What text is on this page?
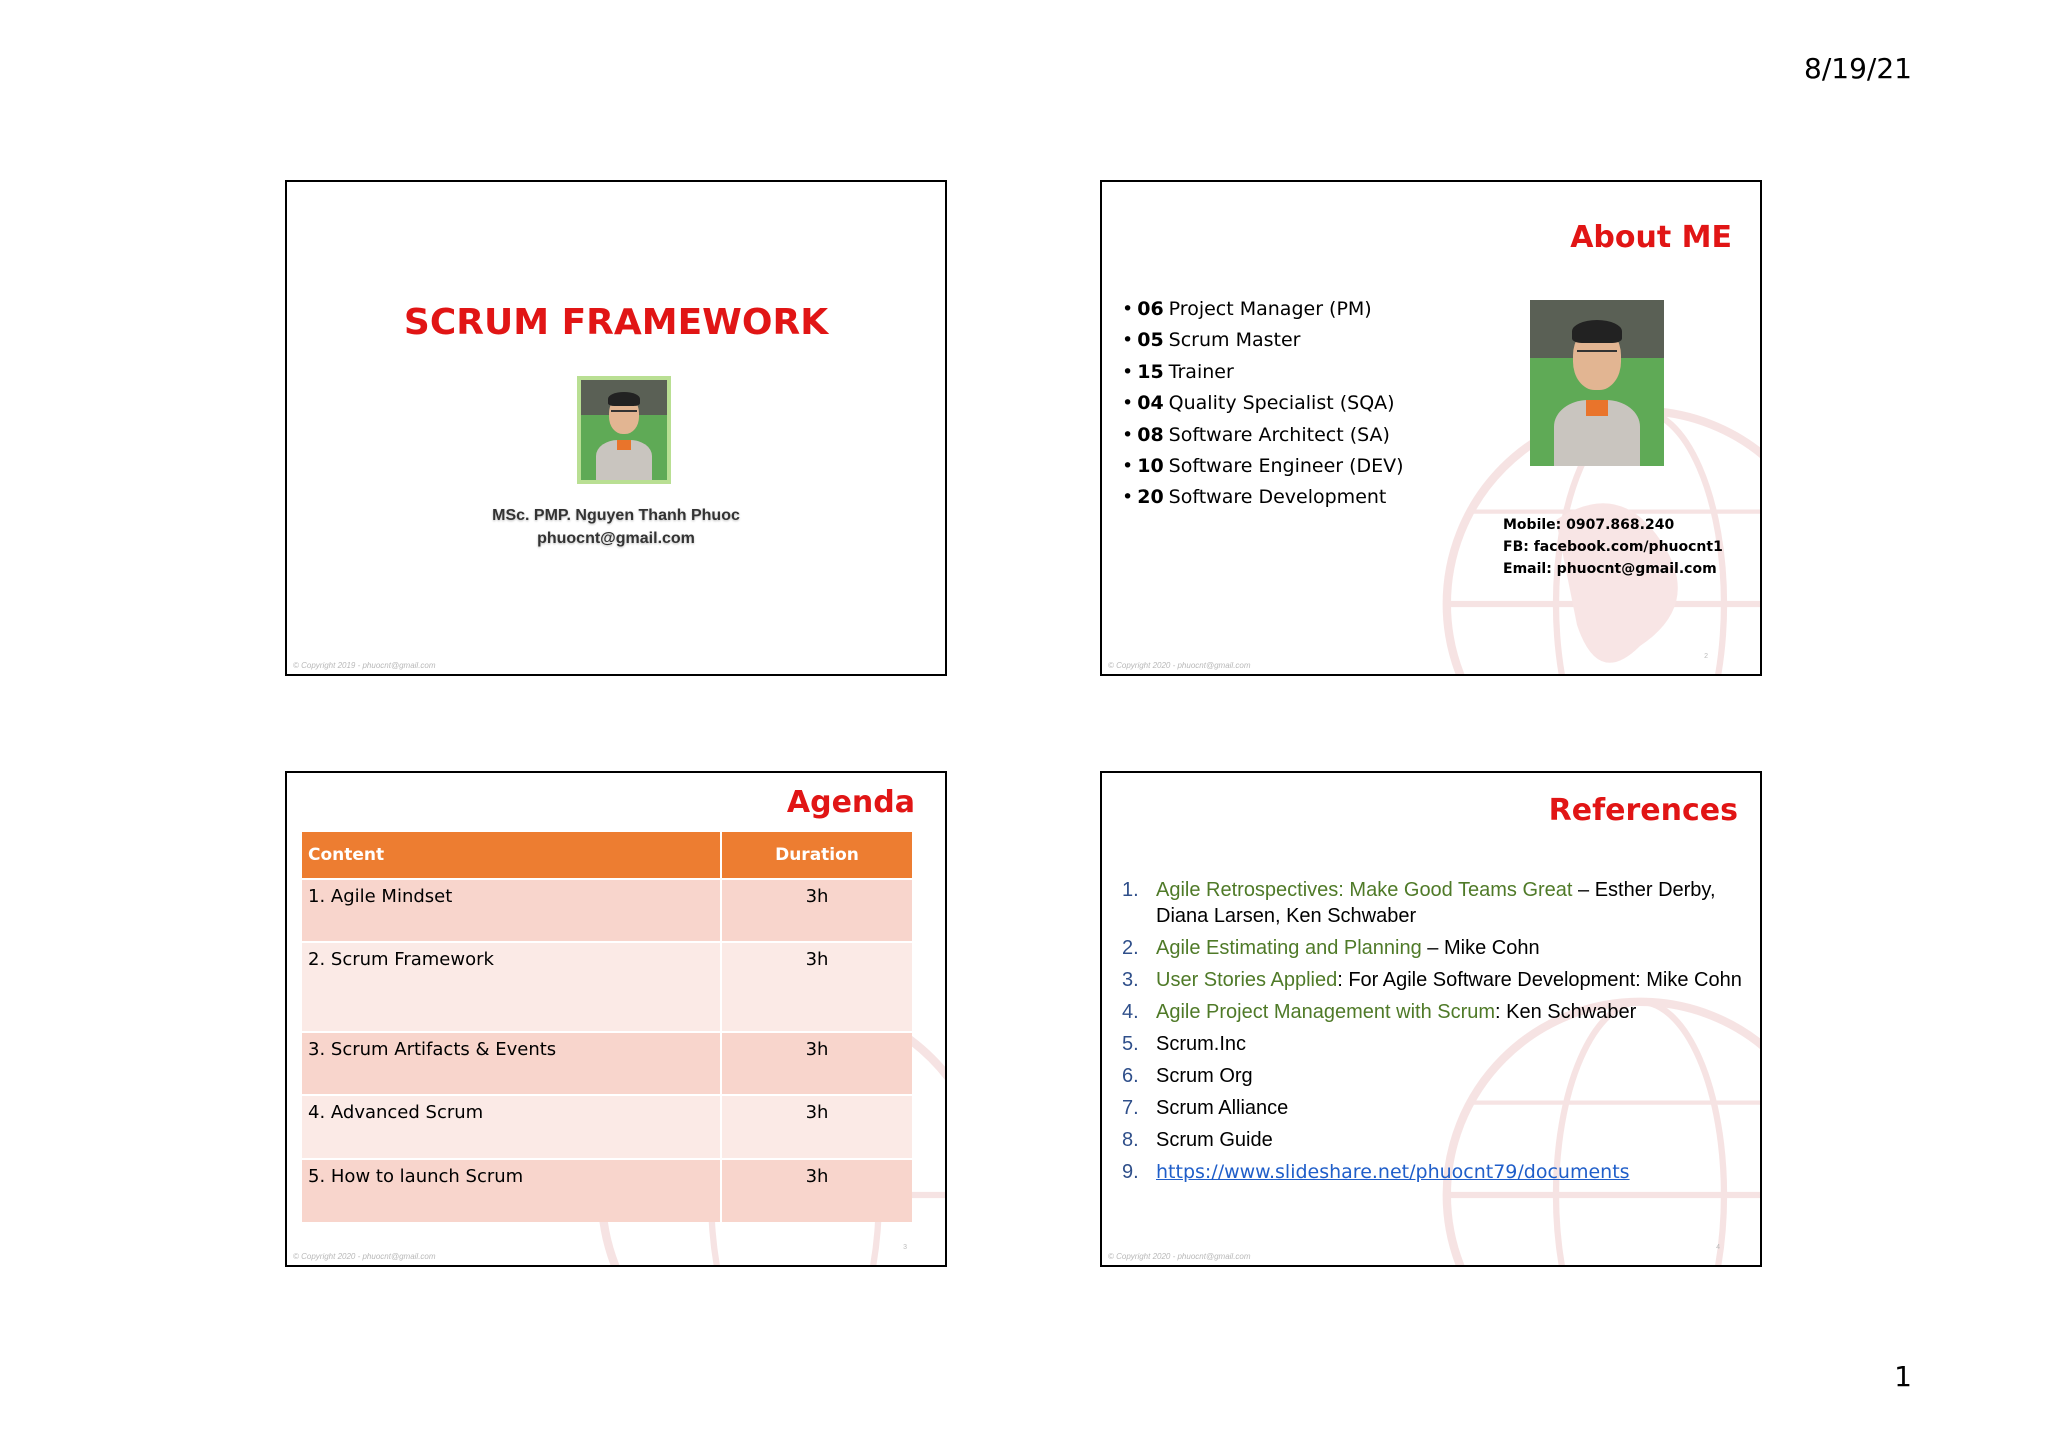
8/19/21
SCRUM FRAMEWORK
MSc. PMP. Nguyen Thanh Phuoc
phuocnt@gmail.com
© Copyright 2019 - phuocnt@gmail.com
About ME
• 06 Project Manager (PM)
• 05 Scrum Master
• 15 Trainer
• 04 Quality Specialist (SQA)
• 08 Software Architect (SA)
• 10 Software Engineer (DEV)
• 20 Software Development
Mobile: 0907.868.240
FB: facebook.com/phuocnt1
Email: phuocnt@gmail.com
2
© Copyright 2020 - phuocnt@gmail.com
Agenda
Content	Duration
1. Agile Mindset	3h
2. Scrum Framework	3h
3. Scrum Artifacts & Events	3h
4. Advanced Scrum	3h
5. How to launch Scrum	3h
3
© Copyright 2020 - phuocnt@gmail.com
References
1. Agile Retrospectives: Make Good Teams Great – Esther Derby, Diana Larsen, Ken Schwaber
2. Agile Estimating and Planning – Mike Cohn
3. User Stories Applied: For Agile Software Development: Mike Cohn
4. Agile Project Management with Scrum: Ken Schwaber
5. Scrum.Inc
6. Scrum Org
7. Scrum Alliance
8. Scrum Guide
9. https://www.slideshare.net/phuocnt79/documents
4
© Copyright 2020 - phuocnt@gmail.com
1
